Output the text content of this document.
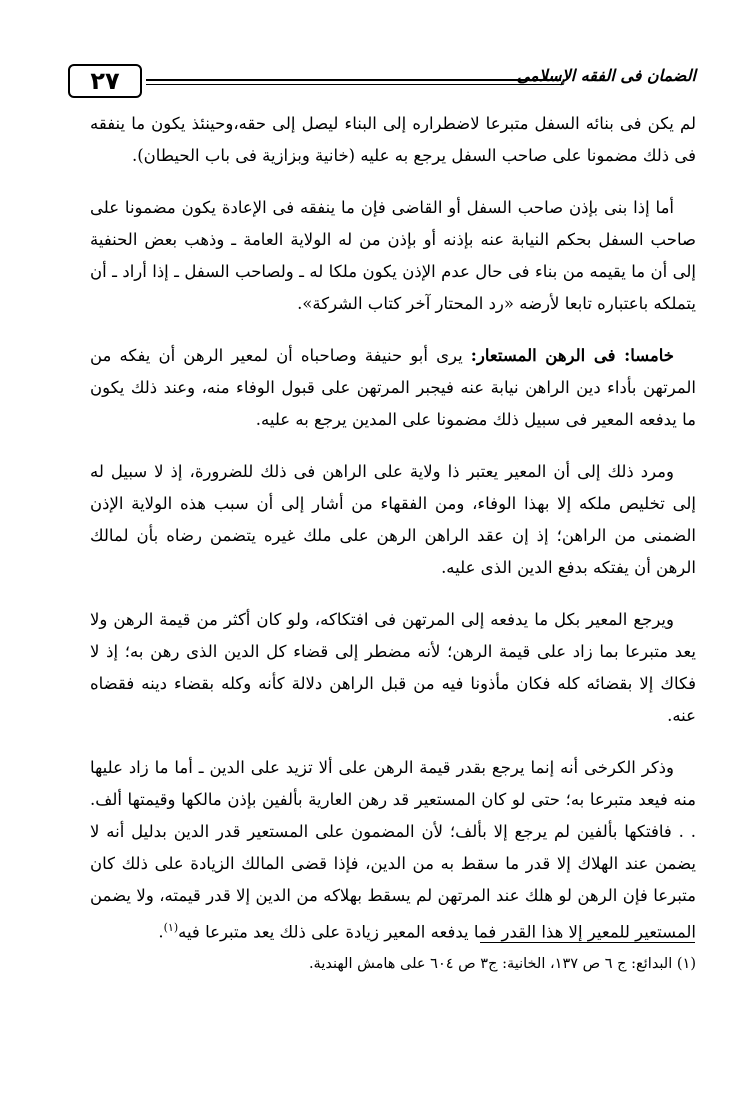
٢٧	الضمان فى الفقه الإسلامى

لم يكن فى بنائه السفل متبرعا لاضطراره إلى البناء ليصل إلى حقه،وحينئذ يكون ما ينفقه فى ذلك مضمونا على صاحب السفل يرجع به عليه (خانية وبزازية فى باب الحيطان).

أما إذا بنى بإذن صاحب السفل أو القاضى فإن ما ينفقه فى الإعادة يكون مضمونا على صاحب السفل بحكم النيابة عنه بإذنه أو بإذن من له الولاية العامة ـ وذهب بعض الحنفية إلى أن ما يقيمه من بناء فى حال عدم الإذن يكون ملكا له ـ ولصاحب السفل ـ إذا أراد ـ أن يتملكه باعتباره تابعا لأرضه «رد المحتار آخر كتاب الشركة».

خامسا: فى الرهن المستعار: يرى أبو حنيفة وصاحباه أن لمعير الرهن أن يفكه من المرتهن بأداء دين الراهن نيابة عنه فيجبر المرتهن على قبول الوفاء منه، وعند ذلك يكون ما يدفعه المعير فى سبيل ذلك مضمونا على المدين يرجع به عليه.

ومرد ذلك إلى أن المعير يعتبر ذا ولاية على الراهن فى ذلك للضرورة، إذ لا سبيل له إلى تخليص ملكه إلا بهذا الوفاء، ومن الفقهاء من أشار إلى أن سبب هذه الولاية الإذن الضمنى من الراهن؛ إذ إن عقد الراهن الرهن على ملك غيره يتضمن رضاه بأن لمالك الرهن أن يفتكه بدفع الدين الذى عليه.

ويرجع المعير بكل ما يدفعه إلى المرتهن فى افتكاكه، ولو كان أكثر من قيمة الرهن ولا يعد متبرعا بما زاد على قيمة الرهن؛ لأنه مضطر إلى قضاء كل الدين الذى رهن به؛ إذ لا فكاك إلا بقضائه كله فكان مأذونا فيه من قبل الراهن دلالة كأنه وكله بقضاء دينه فقضاه عنه.

وذكر الكرخى أنه إنما يرجع بقدر قيمة الرهن على ألا تزيد على الدين ـ أما ما زاد عليها منه فيعد متبرعا به؛ حتى لو كان المستعير قد رهن العارية بألفين بإذن مالكها وقيمتها ألف. . . فافتكها بألفين لم يرجع إلا بألف؛ لأن المضمون على المستعير قدر الدين بدليل أنه لا يضمن عند الهلاك إلا قدر ما سقط به من الدين، فإذا قضى المالك الزيادة على ذلك كان متبرعا فإن الرهن لو هلك عند المرتهن لم يسقط بهلاكه من الدين إلا قدر قيمته، ولا يضمن المستعير للمعير إلا هذا القدر فما يدفعه المعير زيادة على ذلك يعد متبرعا فيه$^{(١)}$.

(١) البدائع: ج ٦ ص ١٣٧، الخانية: ج٣ ص ٦٠٤ على هامش الهندية.
